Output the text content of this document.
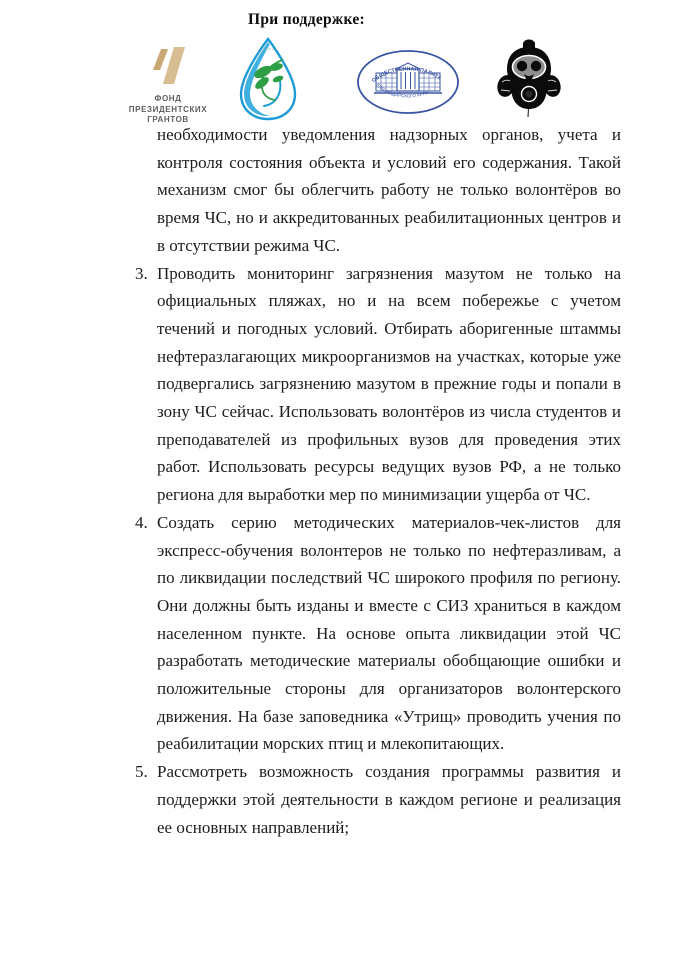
При поддержке:
ФОНД
ПРЕЗИДЕНТСКИХ
ГРАНТОВ
ОБЩЕСТВЕННАЯ ПАЛАТА
КРАСНОДАРСКОГО КРАЯ

необходимости уведомления надзорных органов, учета и контроля состояния объекта и условий его содержания. Такой механизм смог бы облегчить работу не только волонтёров во время ЧС, но и аккредитованных реабилитационных центров и в отсутствии режима ЧС.

3. Проводить мониторинг загрязнения мазутом не только на официальных пляжах, но и на всем побережье с учетом течений и погодных условий. Отбирать аборигенные штаммы нефтеразлагающих микроорганизмов на участках, которые уже подвергались загрязнению мазутом в прежние годы и попали в зону ЧС сейчас. Использовать волонтёров из числа студентов и преподавателей из профильных вузов для проведения этих работ. Использовать ресурсы ведущих вузов РФ, а не только региона для выработки мер по минимизации ущерба от ЧС.

4. Создать серию методических материалов-чек-листов для экспресс-обучения волонтеров не только по нефтеразливам, а по ликвидации последствий ЧС широкого профиля по региону. Они должны быть изданы и вместе с СИЗ храниться в каждом населенном пункте. На основе опыта ликвидации этой ЧС разработать методические материалы обобщающие ошибки и положительные стороны для организаторов волонтерского движения. На базе заповедника «Утрищ» проводить учения по реабилитации морских птиц и млекопитающих.

5. Рассмотреть возможность создания программы развития и поддержки этой деятельности в каждом регионе и реализация ее основных направлений;
